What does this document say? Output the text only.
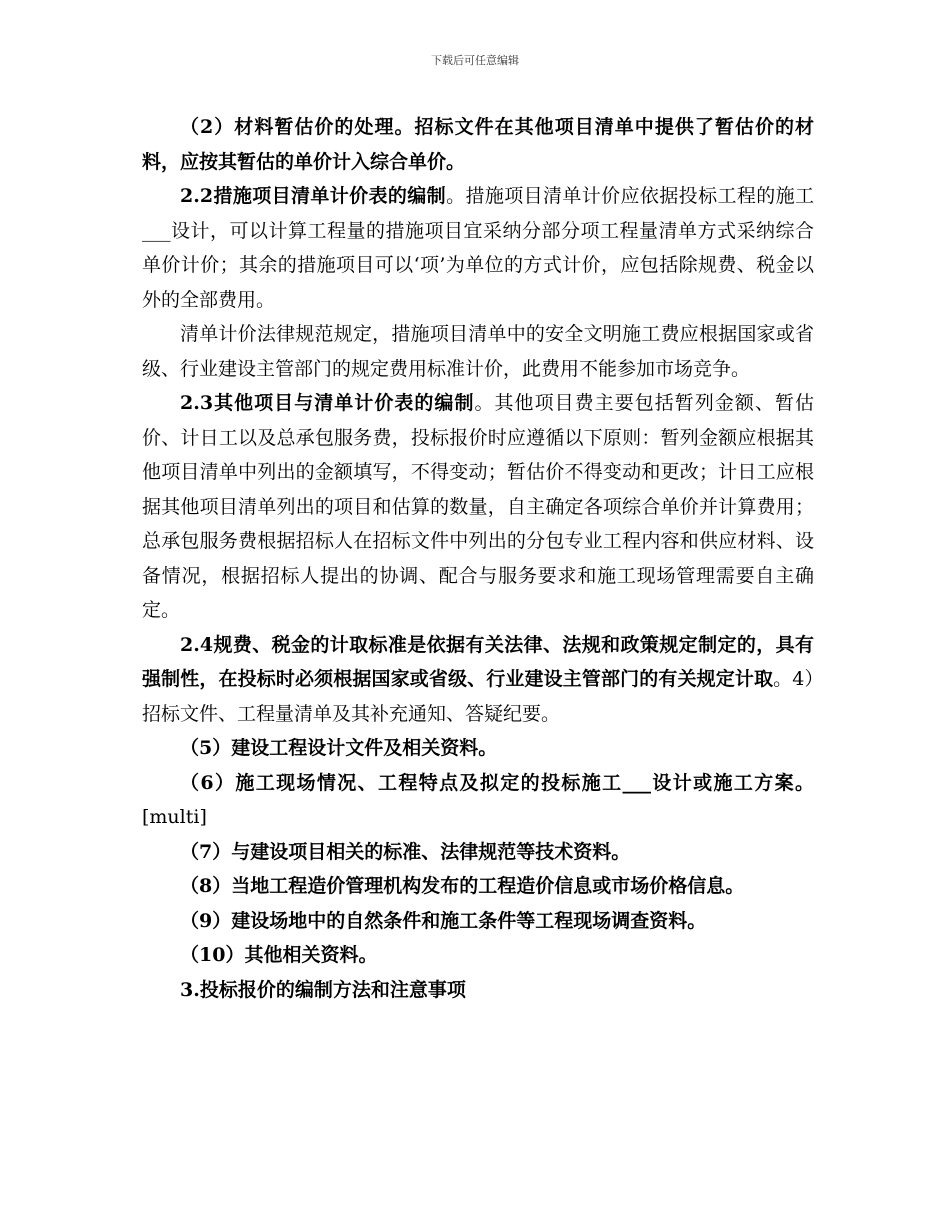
下载后可任意编辑

（2）材料暂估价的处理。招标文件在其他项目清单中提供了暂估价的材料，应按其暂估的单价计入综合单价。

2.2措施项目清单计价表的编制。措施项目清单计价应依据投标工程的施工___设计，可以计算工程量的措施项目宜采纳分部分项工程量清单方式采纳综合单价计价；其余的措施项目可以‘项’为单位的方式计价，应包括除规费、税金以外的全部费用。

清单计价法律规范规定，措施项目清单中的安全文明施工费应根据国家或省级、行业建设主管部门的规定费用标准计价，此费用不能参加市场竞争。

2.3其他项目与清单计价表的编制。其他项目费主要包括暂列金额、暂估价、计日工以及总承包服务费，投标报价时应遵循以下原则：暂列金额应根据其他项目清单中列出的金额填写，不得变动；暂估价不得变动和更改；计日工应根据其他项目清单列出的项目和估算的数量，自主确定各项综合单价并计算费用；总承包服务费根据招标人在招标文件中列出的分包专业工程内容和供应材料、设备情况，根据招标人提出的协调、配合与服务要求和施工现场管理需要自主确定。

2.4规费、税金的计取标准是依据有关法律、法规和政策规定制定的，具有强制性，在投标时必须根据国家或省级、行业建设主管部门的有关规定计取。4）招标文件、工程量清单及其补充通知、答疑纪要。

（5）建设工程设计文件及相关资料。

（6）施工现场情况、工程特点及拟定的投标施工___设计或施工方案。[multi]

（7）与建设项目相关的标准、法律规范等技术资料。

（8）当地工程造价管理机构发布的工程造价信息或市场价格信息。

（9）建设场地中的自然条件和施工条件等工程现场调查资料。

（10）其他相关资料。

3.投标报价的编制方法和注意事项
